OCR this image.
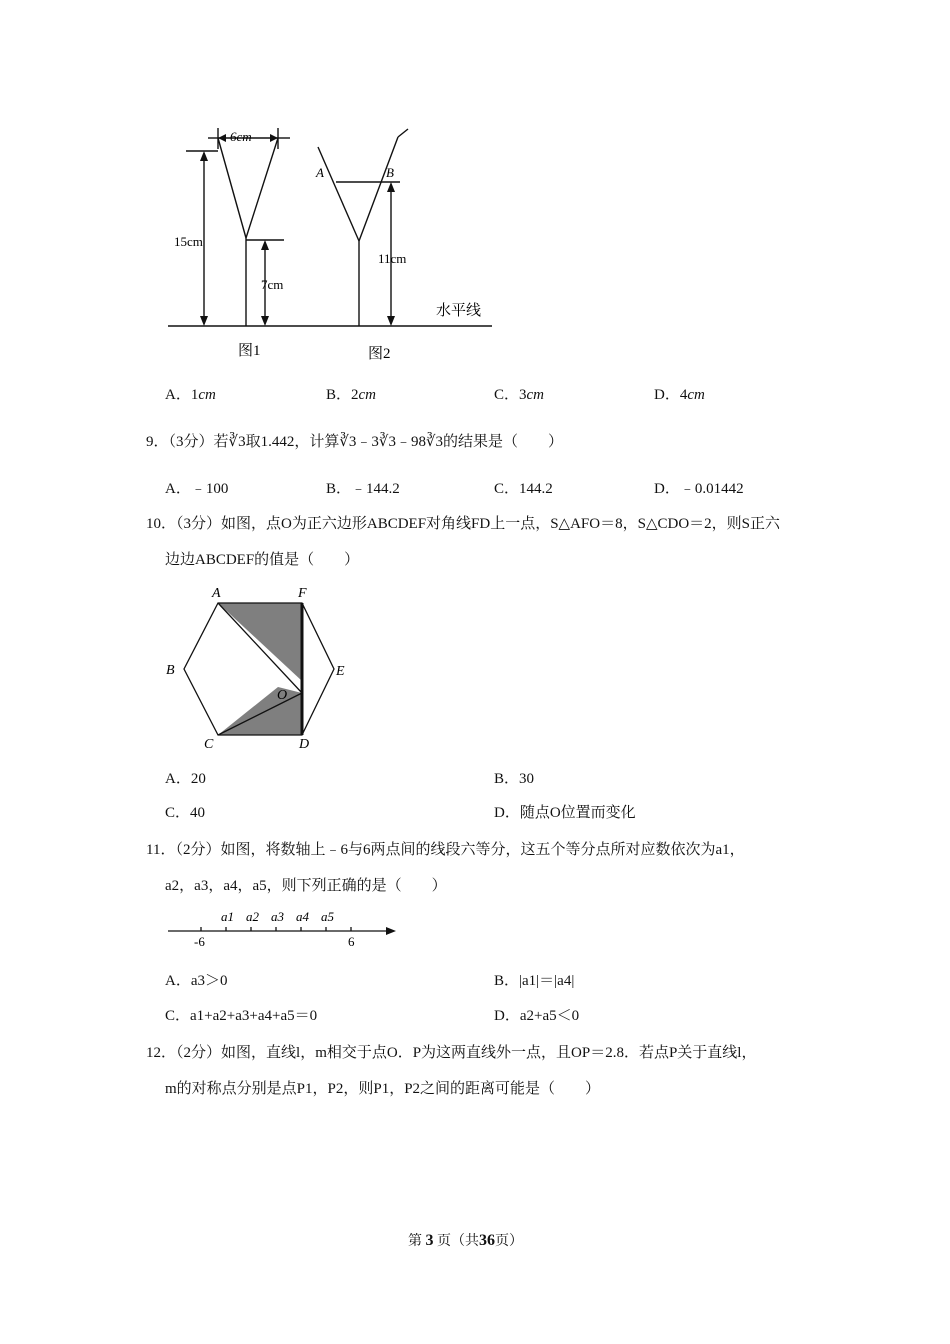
6cm
15cm
7cm
A	B
11cm
水平线
图1	图2
A．1cm	B．2cm	C．3cm	D．4cm
9．（3分）若∛3取1.442，计算∛3﹣3∛3﹣98∛3的结果是（　　）
A．﹣100	B．﹣144.2	C．144.2	D．﹣0.01442
10．（3分）如图，点O为正六边形ABCDEF对角线FD上一点，S△AFO＝8，S△CDO＝2，则S正六
边边ABCDEF的值是（　　）
A	F
B	E
O
C	D
A．20	B．30
C．40	D．随点O位置而变化
11．（2分）如图，将数轴上﹣6与6两点间的线段六等分，这五个等分点所对应数依次为a1，
a2，a3，a4，a5，则下列正确的是（　　）
-6
a1 a2 a3 a4 a5
6
A．a3＞0	B．|a1|＝|a4|
C．a1+a2+a3+a4+a5＝0	D．a2+a5＜0
12．（2分）如图，直线l，m相交于点O．P为这两直线外一点，且OP＝2.8．若点P关于直线l，
m的对称点分别是点P1，P2，则P1，P2之间的距离可能是（　　）
第 3 页（共36页）
